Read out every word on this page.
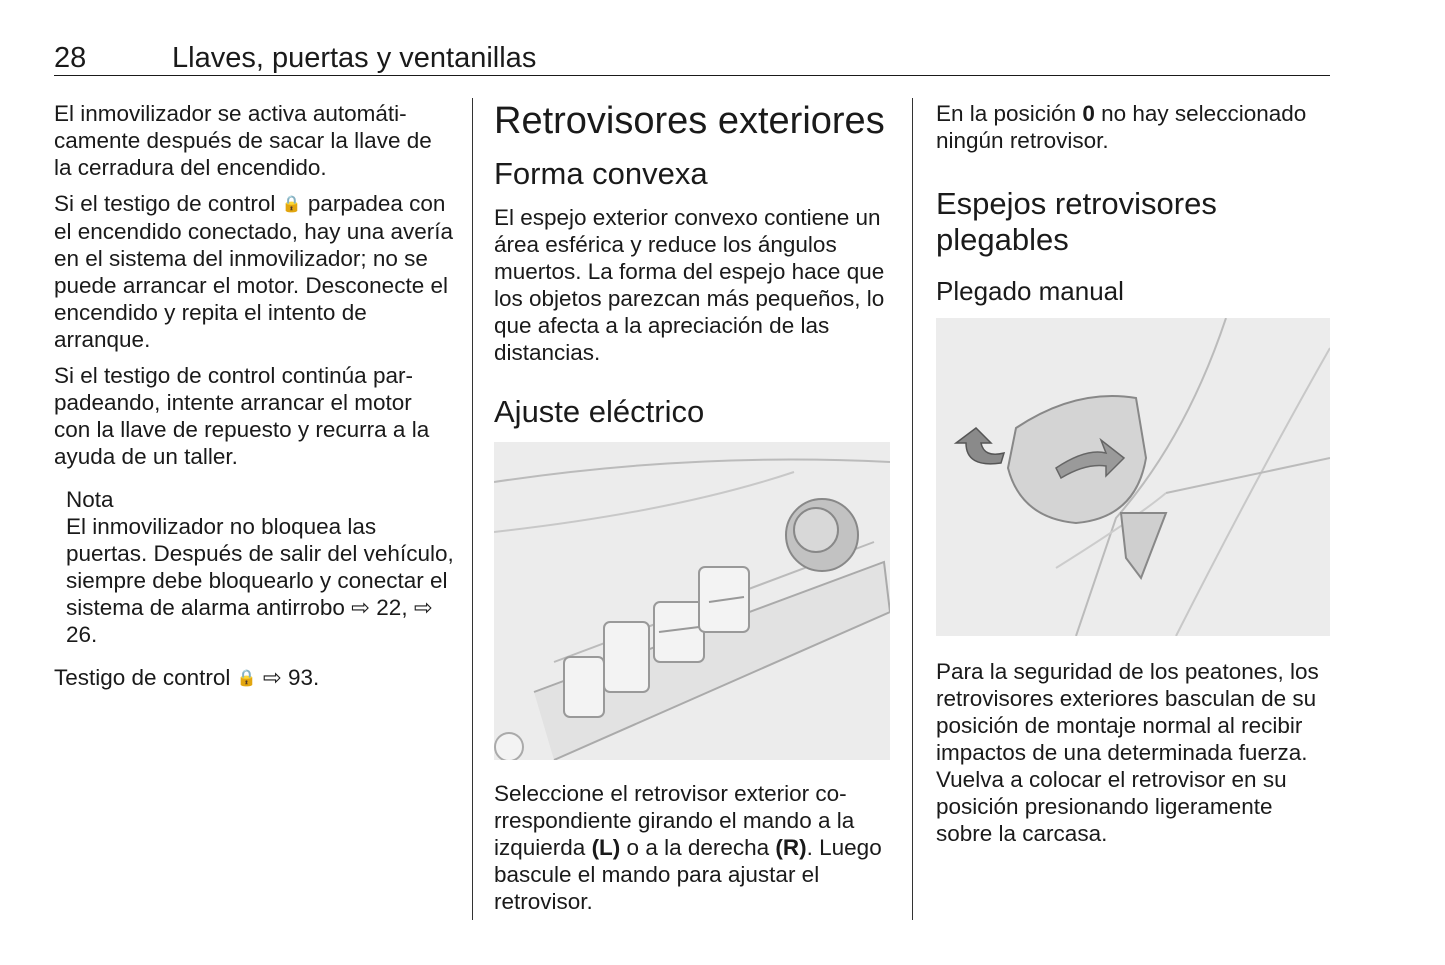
28	Llaves, puertas y ventanillas

El inmovilizador se activa automáticamente después de sacar la llave de la cerradura del encendido.

Si el testigo de control 🔒 parpadea con el encendido conectado, hay una avería en el sistema del inmovilizador; no se puede arrancar el motor. Desconecte el encendido y repita el intento de arranque.

Si el testigo de control continúa parpadeando, intente arrancar el motor con la llave de repuesto y recurra a la ayuda de un taller.

Nota

El inmovilizador no bloquea las puertas. Después de salir del vehículo, siempre debe bloquearlo y conectar el sistema de alarma antirrobo ⇨ 22, ⇨ 26.

Testigo de control 🔒 ⇨ 93.

Retrovisores exteriores
Forma convexa

El espejo exterior convexo contiene un área esférica y reduce los ángulos muertos. La forma del espejo hace que los objetos parezcan más pequeños, lo que afecta a la apreciación de las distancias.

Ajuste eléctrico

Seleccione el retrovisor exterior correspondiente girando el mando a la izquierda (L) o a la derecha (R). Luego bascule el mando para ajustar el retrovisor.

En la posición 0 no hay seleccionado ningún retrovisor.

Espejos retrovisores plegables
Plegado manual

Para la seguridad de los peatones, los retrovisores exteriores basculan de su posición de montaje normal al recibir impactos de una determinada fuerza. Vuelva a colocar el retrovisor en su posición presionando ligeramente sobre la carcasa.
